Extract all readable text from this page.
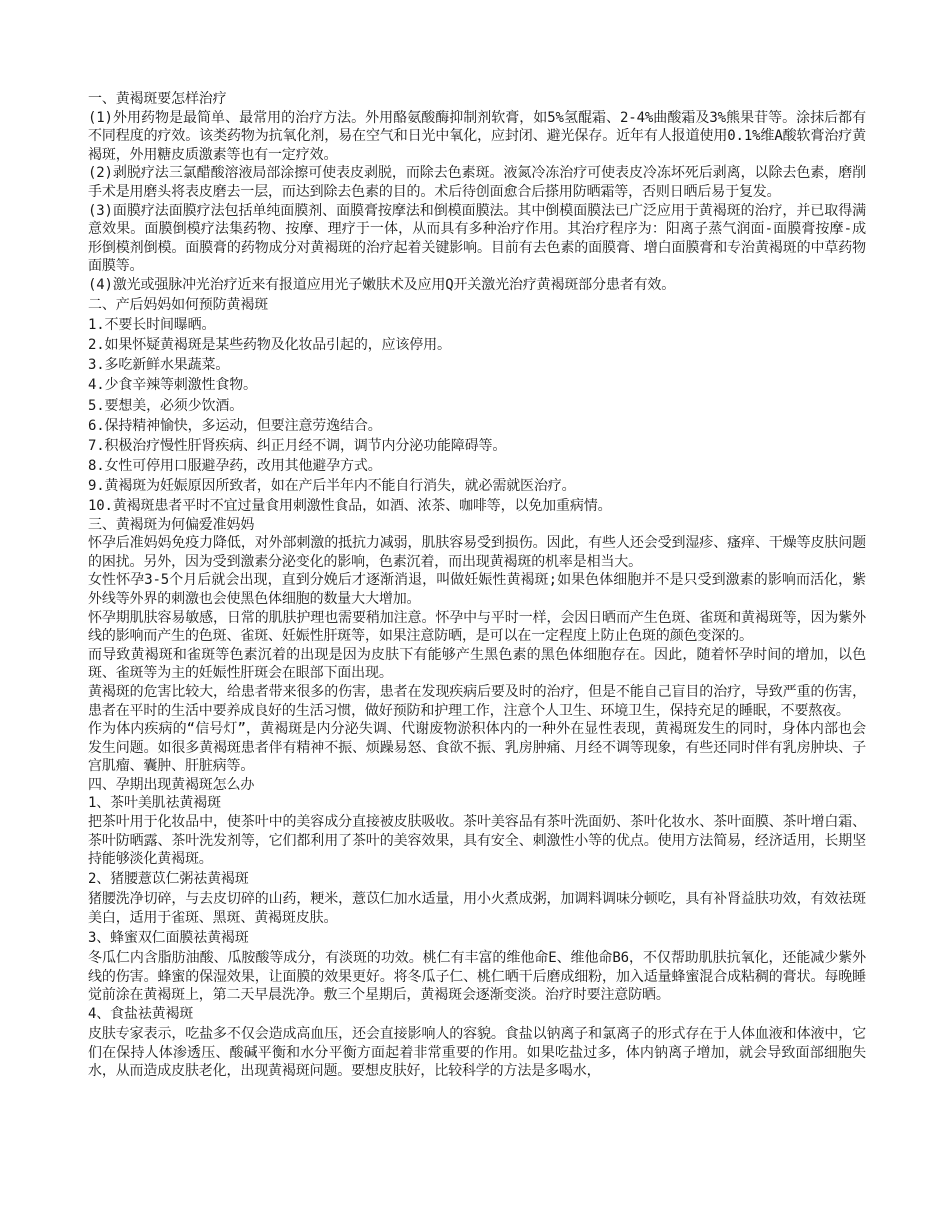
一、黄褐斑要怎样治疗
(1)外用药物是最简单、最常用的治疗方法。外用酪氨酸酶抑制剂软膏，如5%氢醌霜、2-4%曲酸霜及3%熊果苷等。涂抹后都有不同程度的疗效。该类药物为抗氧化剂，易在空气和日光中氧化，应封闭、避光保存。近年有人报道使用0.1%维A酸软膏治疗黄褐斑，外用糖皮质激素等也有一定疗效。
(2)剥脱疗法三氯醋酸溶液局部涂擦可使表皮剥脱，而除去色素斑。液氮冷冻治疗可使表皮冷冻坏死后剥离，以除去色素，磨削手术是用磨头将表皮磨去一层，而达到除去色素的目的。术后待创面愈合后搽用防晒霜等，否则日晒后易于复发。
(3)面膜疗法面膜疗法包括单纯面膜剂、面膜膏按摩法和倒模面膜法。其中倒模面膜法已广泛应用于黄褐斑的治疗，并已取得满意效果。面膜倒模疗法集药物、按摩、理疗于一体，从而具有多种治疗作用。其治疗程序为：阳离子蒸气润面-面膜膏按摩-成形倒模剂倒模。面膜膏的药物成分对黄褐斑的治疗起着关键影响。目前有去色素的面膜膏、增白面膜膏和专治黄褐斑的中草药物面膜等。
(4)激光或强脉冲光治疗近来有报道应用光子嫩肤术及应用Q开关激光治疗黄褐斑部分患者有效。
二、产后妈妈如何预防黄褐斑
1.不要长时间曝晒。
2.如果怀疑黄褐斑是某些药物及化妆品引起的，应该停用。
3.多吃新鲜水果蔬菜。
4.少食辛辣等刺激性食物。
5.要想美，必须少饮酒。
6.保持精神愉快，多运动，但要注意劳逸结合。
7.积极治疗慢性肝肾疾病、纠正月经不调，调节内分泌功能障碍等。
8.女性可停用口服避孕药，改用其他避孕方式。
9.黄褐斑为妊娠原因所致者，如在产后半年内不能自行消失，就必需就医治疗。
10.黄褐斑患者平时不宜过量食用刺激性食品，如酒、浓茶、咖啡等，以免加重病情。
三、黄褐斑为何偏爱准妈妈
怀孕后准妈妈免疫力降低，对外部刺激的抵抗力减弱，肌肤容易受到损伤。因此，有些人还会受到湿疹、瘙痒、干燥等皮肤问题的困扰。另外，因为受到激素分泌变化的影响，色素沉着，而出现黄褐斑的机率是相当大。
女性怀孕3-5个月后就会出现，直到分娩后才逐渐消退，叫做妊娠性黄褐斑;如果色体细胞并不是只受到激素的影响而活化，紫外线等外界的刺激也会使黑色体细胞的数量大大增加。
怀孕期肌肤容易敏感，日常的肌肤护理也需要稍加注意。怀孕中与平时一样，会因日晒而产生色斑、雀斑和黄褐斑等，因为紫外线的影响而产生的色斑、雀斑、妊娠性肝斑等，如果注意防晒，是可以在一定程度上防止色斑的颜色变深的。
而导致黄褐斑和雀斑等色素沉着的出现是因为皮肤下有能够产生黑色素的黑色体细胞存在。因此，随着怀孕时间的增加，以色斑、雀斑等为主的妊娠性肝斑会在眼部下面出现。
黄褐斑的危害比较大，给患者带来很多的伤害，患者在发现疾病后要及时的治疗，但是不能自己盲目的治疗，导致严重的伤害，患者在平时的生活中要养成良好的生活习惯，做好预防和护理工作，注意个人卫生、环境卫生，保持充足的睡眠，不要熬夜。
作为体内疾病的“信号灯”，黄褐斑是内分泌失调、代谢废物淤积体内的一种外在显性表现，黄褐斑发生的同时，身体内部也会发生问题。如很多黄褐斑患者伴有精神不振、烦躁易怒、食欲不振、乳房肿痛、月经不调等现象，有些还同时伴有乳房肿块、子宫肌瘤、囊肿、肝脏病等。
四、孕期出现黄褐斑怎么办
1、茶叶美肌祛黄褐斑
把茶叶用于化妆品中，使茶叶中的美容成分直接被皮肤吸收。茶叶美容品有茶叶洗面奶、茶叶化妆水、茶叶面膜、茶叶增白霜、茶叶防晒露、茶叶洗发剂等，它们都利用了茶叶的美容效果，具有安全、刺激性小等的优点。使用方法简易，经济适用，长期坚持能够淡化黄褐斑。
2、猪腰薏苡仁粥祛黄褐斑
猪腰洗净切碎，与去皮切碎的山药，粳米，薏苡仁加水适量，用小火煮成粥，加调料调味分顿吃，具有补肾益肤功效，有效祛斑美白，适用于雀斑、黑斑、黄褐斑皮肤。
3、蜂蜜双仁面膜祛黄褐斑
冬瓜仁内含脂肪油酸、瓜胺酸等成分，有淡斑的功效。桃仁有丰富的维他命E、维他命B6，不仅帮助肌肤抗氧化，还能减少紫外线的伤害。蜂蜜的保湿效果，让面膜的效果更好。将冬瓜子仁、桃仁晒干后磨成细粉，加入适量蜂蜜混合成粘稠的膏状。每晚睡觉前涂在黄褐斑上，第二天早晨洗净。敷三个星期后，黄褐斑会逐渐变淡。治疗时要注意防晒。
4、食盐祛黄褐斑
皮肤专家表示，吃盐多不仅会造成高血压，还会直接影响人的容貌。食盐以钠离子和氯离子的形式存在于人体血液和体液中，它们在保持人体渗透压、酸碱平衡和水分平衡方面起着非常重要的作用。如果吃盐过多，体内钠离子增加，就会导致面部细胞失水，从而造成皮肤老化，出现黄褐斑问题。要想皮肤好，比较科学的方法是多喝水，
